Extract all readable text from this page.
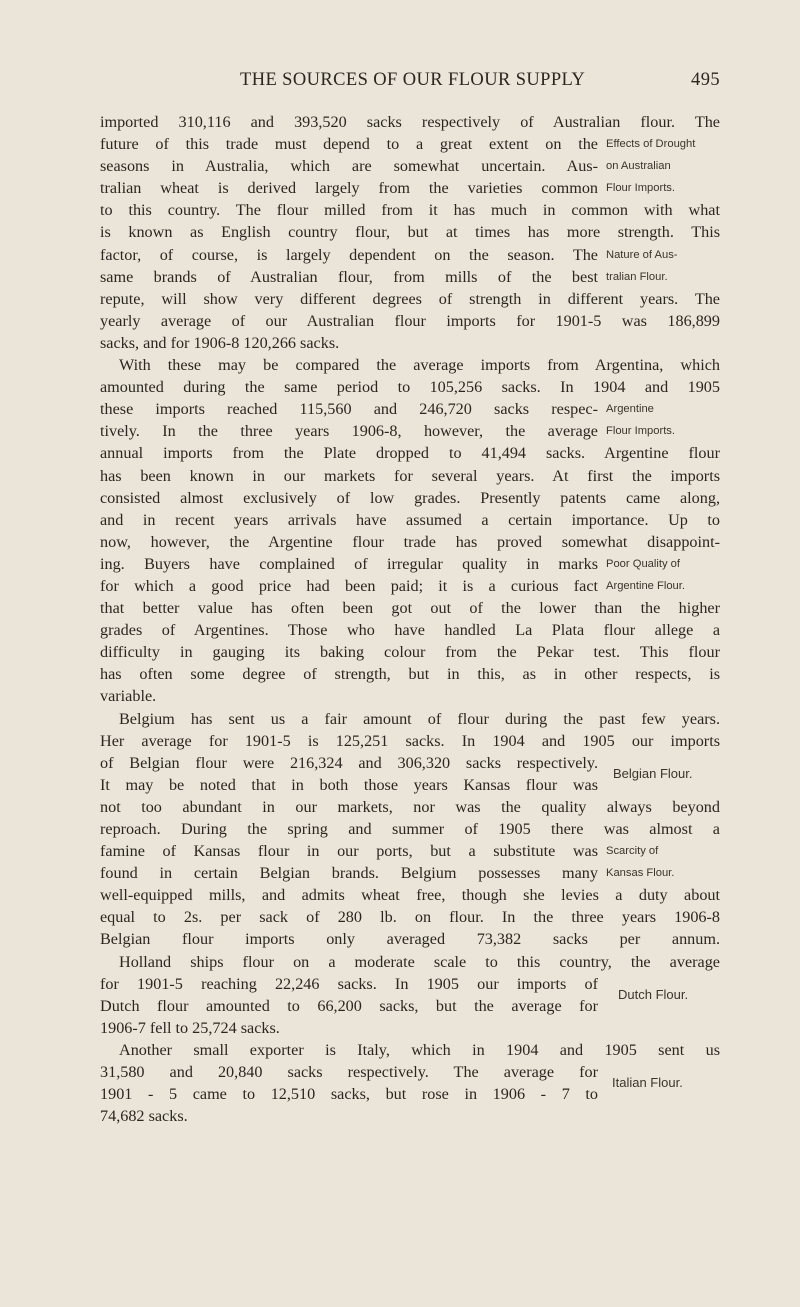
THE SOURCES OF OUR FLOUR SUPPLY	495
imported 310,116 and 393,520 sacks respectively of Australian flour. The
future of this trade must depend to a great extent on the Effects of Drought
seasons in Australia, which are somewhat uncertain. Aus- on Australian
tralian wheat is derived largely from the varieties common Flour Imports.
to this country. The flour milled from it has much in common with what
is known as English country flour, but at times has more strength. This
factor, of course, is largely dependent on the season. The Nature of Aus-
same brands of Australian flour, from mills of the best tralian Flour.
repute, will show very different degrees of strength in different years. The
yearly average of our Australian flour imports for 1901-5 was 186,899
sacks, and for 1906-8 120,266 sacks.
With these may be compared the average imports from Argentina, which
amounted during the same period to 105,256 sacks. In 1904 and 1905
these imports reached 115,560 and 246,720 sacks respec- Argentine
tively. In the three years 1906-8, however, the average Flour Imports.
annual imports from the Plate dropped to 41,494 sacks. Argentine flour
has been known in our markets for several years. At first the imports
consisted almost exclusively of low grades. Presently patents came along,
and in recent years arrivals have assumed a certain importance. Up to
now, however, the Argentine flour trade has proved somewhat disappoint-
ing. Buyers have complained of irregular quality in marks Poor Quality of
for which a good price had been paid; it is a curious fact Argentine Flour.
that better value has often been got out of the lower than the higher
grades of Argentines. Those who have handled La Plata flour allege a
difficulty in gauging its baking colour from the Pekar test. This flour
has often some degree of strength, but in this, as in other respects, is
variable.
Belgium has sent us a fair amount of flour during the past few years.
Her average for 1901-5 is 125,251 sacks. In 1904 and 1905 our imports
of Belgian flour were 216,324 and 306,320 sacks respectively.
Belgian Flour.
It may be noted that in both those years Kansas flour was
not too abundant in our markets, nor was the quality always beyond
reproach. During the spring and summer of 1905 there was almost a
famine of Kansas flour in our ports, but a substitute was Scarcity of
found in certain Belgian brands. Belgium possesses many Kansas Flour.
well-equipped mills, and admits wheat free, though she levies a duty about
equal to 2s. per sack of 280 lb. on flour. In the three years 1906-8
Belgian flour imports only averaged 73,382 sacks per annum.
Holland ships flour on a moderate scale to this country, the average
for 1901-5 reaching 22,246 sacks. In 1905 our imports of
Dutch Flour.
Dutch flour amounted to 66,200 sacks, but the average for
1906-7 fell to 25,724 sacks.
Another small exporter is Italy, which in 1904 and 1905 sent us
31,580 and 20,840 sacks respectively. The average for
Italian Flour.
1901 - 5 came to 12,510 sacks, but rose in 1906 - 7 to
74,682 sacks.
